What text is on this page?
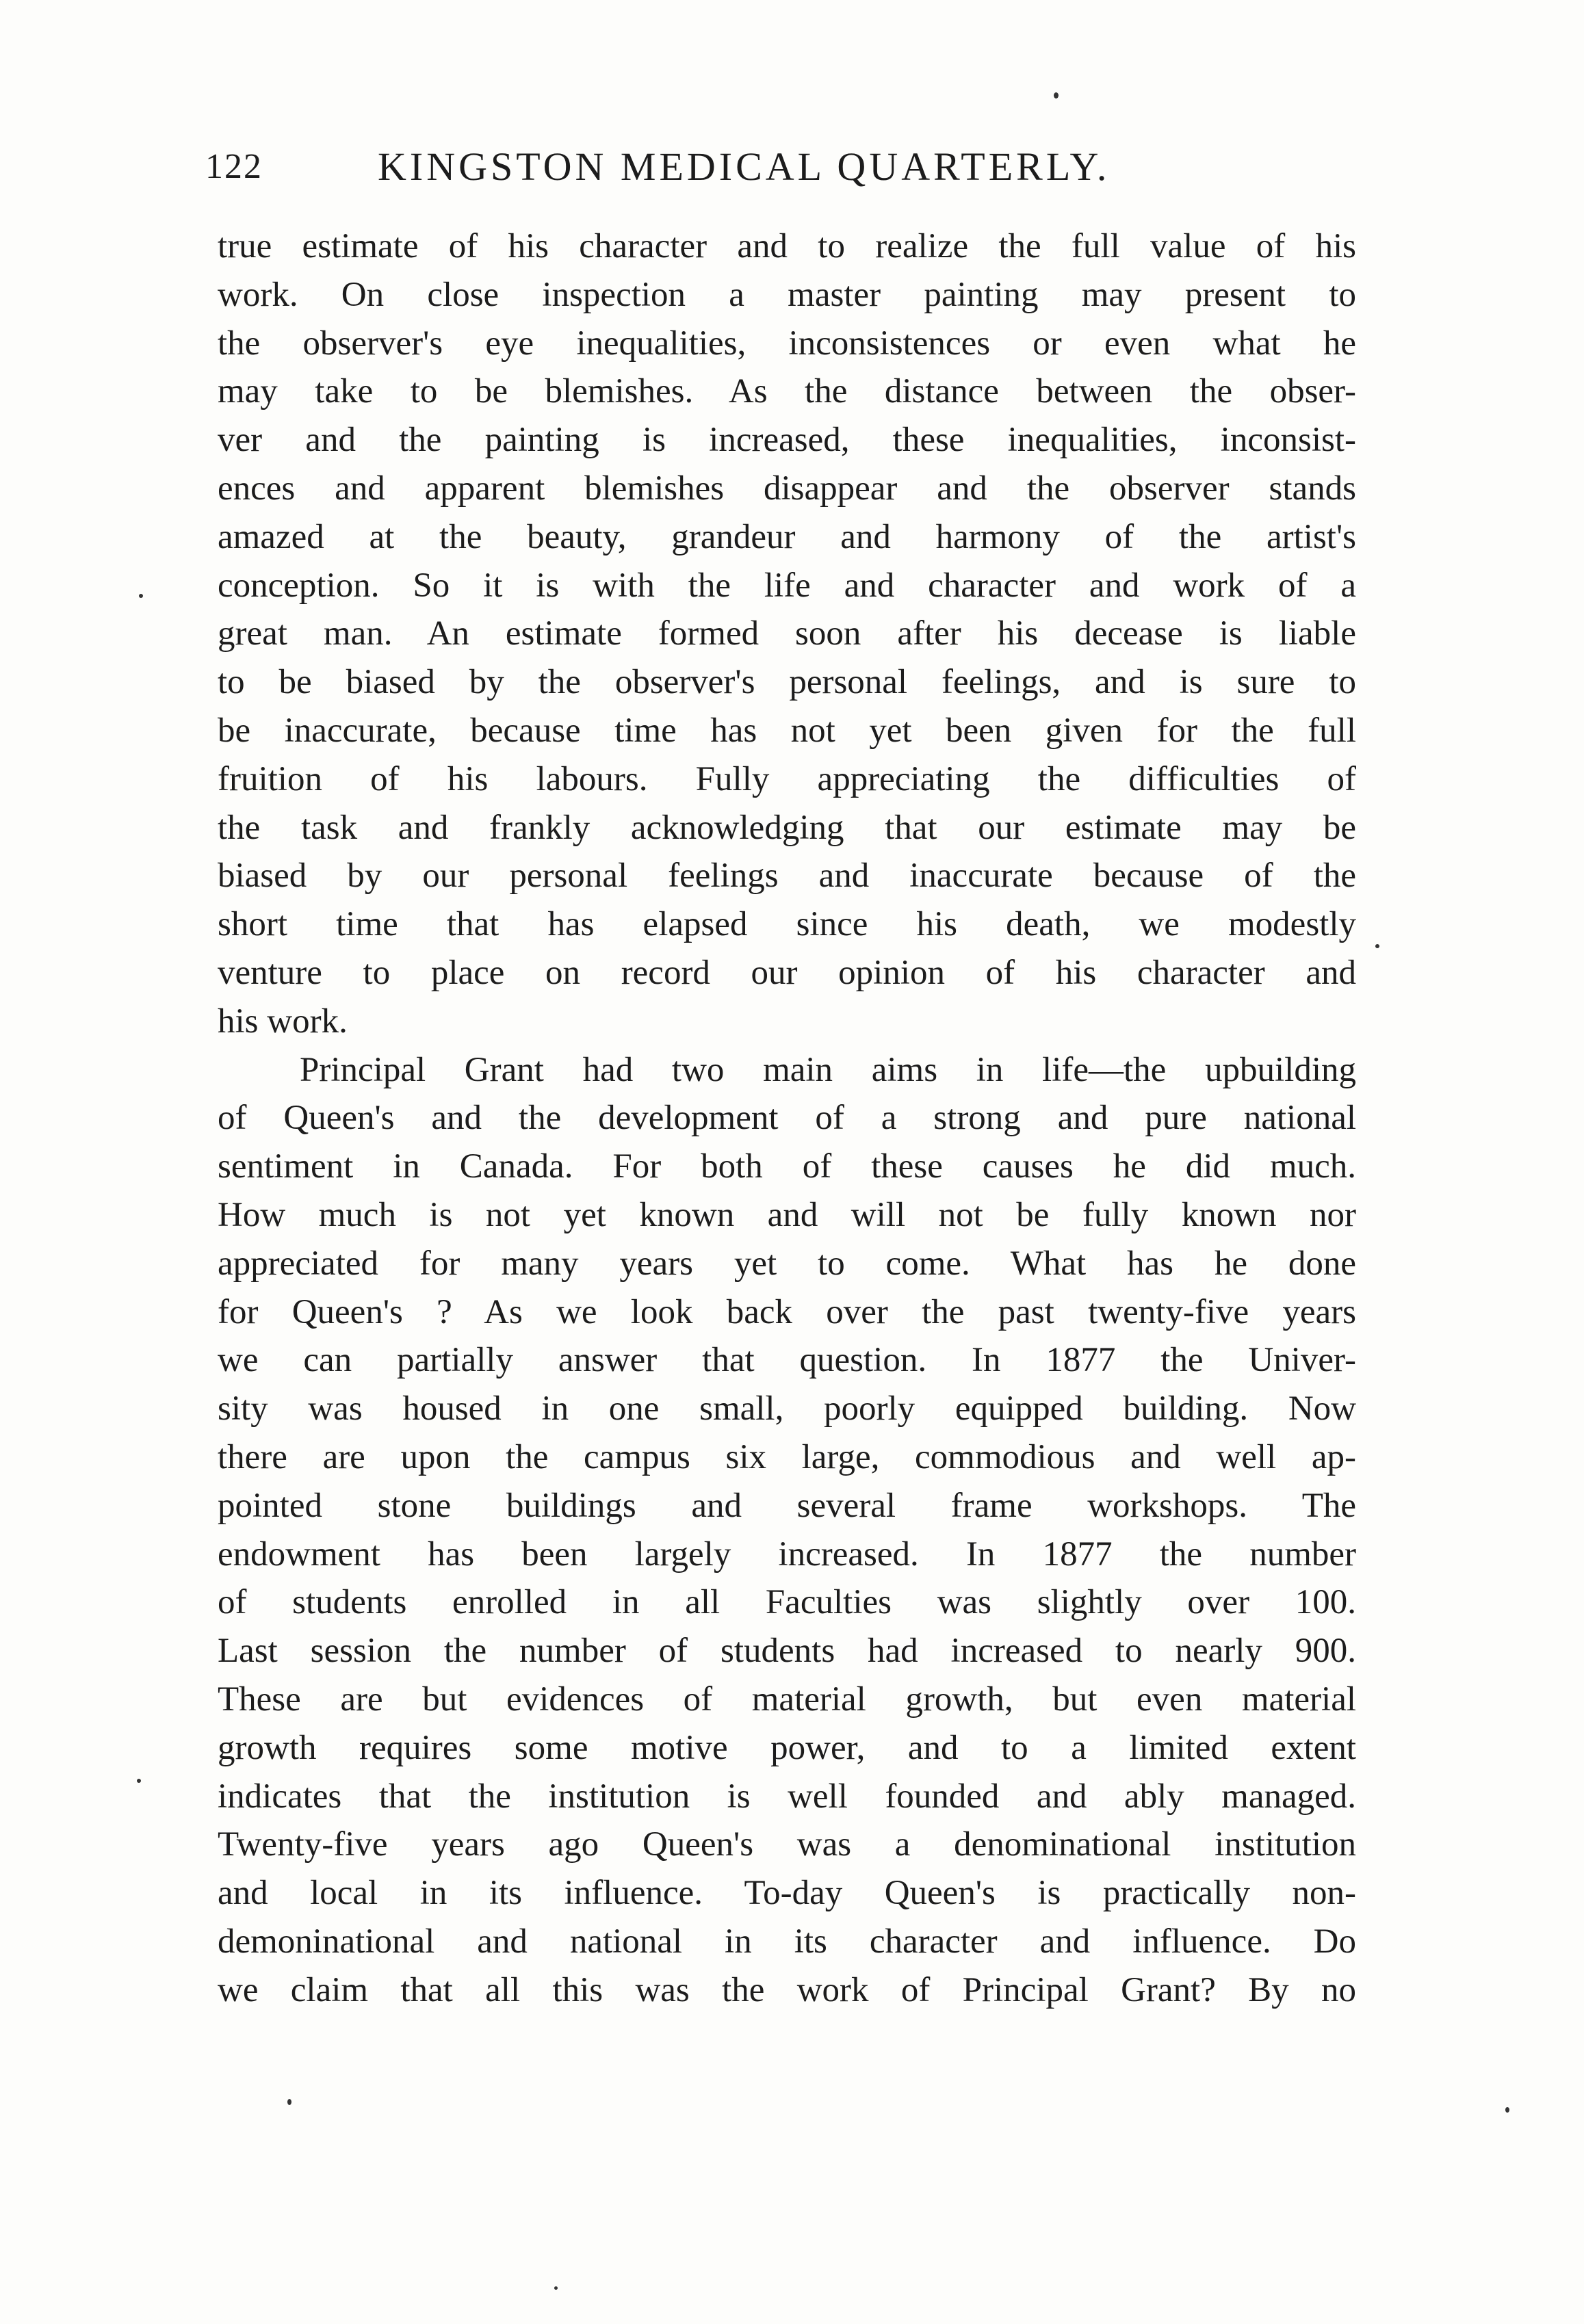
122	KINGSTON MEDICAL QUARTERLY.
true estimate of his character and to realize the full value of his
work. On close inspection a master painting may present to
the observer's eye inequalities, inconsistences or even what he
may take to be blemishes. As the distance between the obser-
ver and the painting is increased, these inequalities, inconsist-
ences and apparent blemishes disappear and the observer stands
amazed at the beauty, grandeur and harmony of the artist's
conception. So it is with the life and character and work of a
great man. An estimate formed soon after his decease is liable
to be biased by the observer's personal feelings, and is sure to
be inaccurate, because time has not yet been given for the full
fruition of his labours. Fully appreciating the difficulties of
the task and frankly acknowledging that our estimate may be
biased by our personal feelings and inaccurate because of the
short time that has elapsed since his death, we modestly
venture to place on record our opinion of his character and
his work.
Principal Grant had two main aims in life—the upbuilding
of Queen's and the development of a strong and pure national
sentiment in Canada. For both of these causes he did much.
How much is not yet known and will not be fully known nor
appreciated for many years yet to come. What has he done
for Queen's ? As we look back over the past twenty-five years
we can partially answer that question. In 1877 the Univer-
sity was housed in one small, poorly equipped building. Now
there are upon the campus six large, commodious and well ap-
pointed stone buildings and several frame workshops. The
endowment has been largely increased. In 1877 the number
of students enrolled in all Faculties was slightly over 100.
Last session the number of students had increased to nearly 900.
These are but evidences of material growth, but even material
growth requires some motive power, and to a limited extent
indicates that the institution is well founded and ably managed.
Twenty-five years ago Queen's was a denominational institution
and local in its influence. To-day Queen's is practically non-
demoninational and national in its character and influence. Do
we claim that all this was the work of Principal Grant? By no
